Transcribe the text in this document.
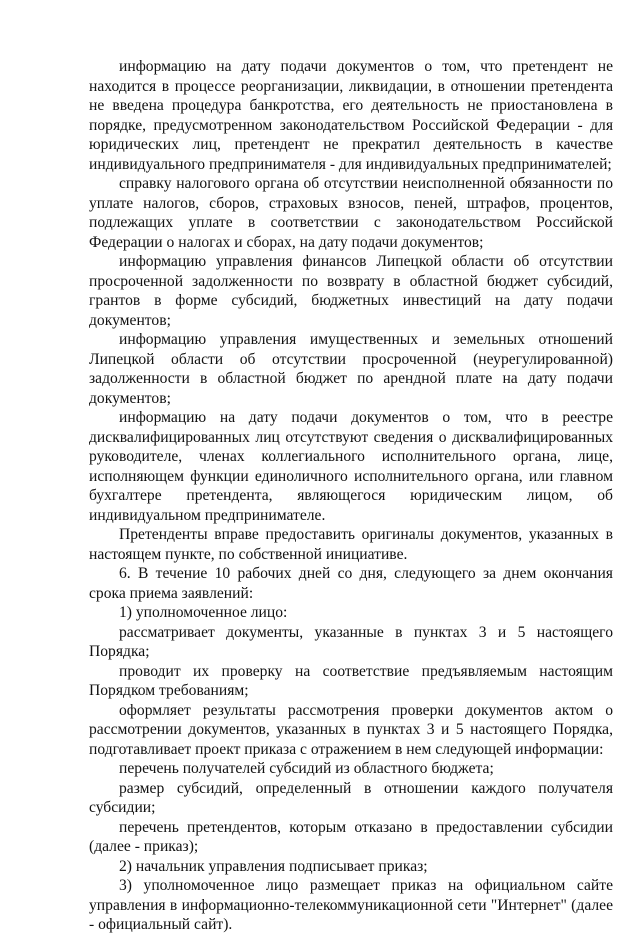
информацию на дату подачи документов о том, что претендент не находится в процессе реорганизации, ликвидации, в отношении претендента не введена процедура банкротства, его деятельность не приостановлена в порядке, предусмотренном законодательством Российской Федерации - для юридических лиц, претендент не прекратил деятельность в качестве индивидуального предпринимателя - для индивидуальных предпринимателей;

справку налогового органа об отсутствии неисполненной обязанности по уплате налогов, сборов, страховых взносов, пеней, штрафов, процентов, подлежащих уплате в соответствии с законодательством Российской Федерации о налогах и сборах, на дату подачи документов;

информацию управления финансов Липецкой области об отсутствии просроченной задолженности по возврату в областной бюджет субсидий, грантов в форме субсидий, бюджетных инвестиций на дату подачи документов;

информацию управления имущественных и земельных отношений Липецкой области об отсутствии просроченной (неурегулированной) задолженности в областной бюджет по арендной плате на дату подачи документов;

информацию на дату подачи документов о том, что в реестре дисквалифицированных лиц отсутствуют сведения о дисквалифицированных руководителе, членах коллегиального исполнительного органа, лице, исполняющем функции единоличного исполнительного органа, или главном бухгалтере претендента, являющегося юридическим лицом, об индивидуальном предпринимателе.

Претенденты вправе предоставить оригиналы документов, указанных в настоящем пункте, по собственной инициативе.

6. В течение 10 рабочих дней со дня, следующего за днем окончания срока приема заявлений:

1) уполномоченное лицо:

рассматривает документы, указанные в пунктах 3 и 5 настоящего Порядка;

проводит их проверку на соответствие предъявляемым настоящим Порядком требованиям;

оформляет результаты рассмотрения проверки документов актом о рассмотрении документов, указанных в пунктах 3 и 5 настоящего Порядка, подготавливает проект приказа с отражением в нем следующей информации:

перечень получателей субсидий из областного бюджета;

размер субсидий, определенный в отношении каждого получателя субсидии;

перечень претендентов, которым отказано в предоставлении субсидии (далее - приказ);

2) начальник управления подписывает приказ;

3) уполномоченное лицо размещает приказ на официальном сайте управления в информационно-телекоммуникационной сети "Интернет" (далее - официальный сайт).
